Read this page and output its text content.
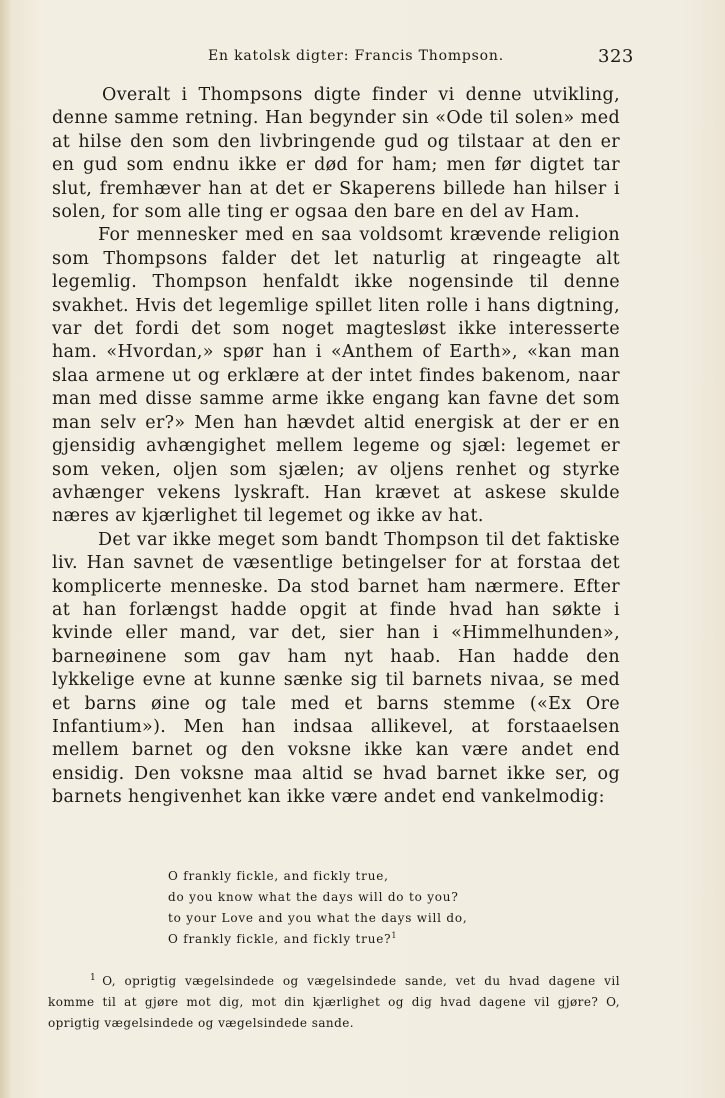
En katolsk digter: Francis Thompson.	323

Overalt i Thompsons digte finder vi denne utvikling, denne samme retning. Han begynder sin «Ode til solen» med at hilse den som den livbringende gud og tilstaar at den er en gud som endnu ikke er død for ham; men før digtet tar slut, fremhæver han at det er Skaperens billede han hilser i solen, for som alle ting er ogsaa den bare en del av Ham.

For mennesker med en saa voldsomt krævende religion som Thompsons falder det let naturlig at ringeagte alt legemlig. Thompson henfaldt ikke nogensinde til denne svakhet. Hvis det legemlige spillet liten rolle i hans digtning, var det fordi det som noget magtesløst ikke interesserte ham. «Hvordan,» spør han i «Anthem of Earth», «kan man slaa armene ut og erklære at der intet findes bakenom, naar man med disse samme arme ikke engang kan favne det som man selv er?» Men han hævdet altid energisk at der er en gjensidig avhængighet mellem legeme og sjæl: legemet er som veken, oljen som sjælen; av oljens renhet og styrke avhænger vekens lyskraft. Han krævet at askese skulde næres av kjærlighet til legemet og ikke av hat.

Det var ikke meget som bandt Thompson til det faktiske liv. Han savnet de væsentlige betingelser for at forstaa det komplicerte menneske. Da stod barnet ham nærmere. Efter at han forlængst hadde opgit at finde hvad han søkte i kvinde eller mand, var det, sier han i «Himmelhunden», barneøinene som gav ham nyt haab. Han hadde den lykkelige evne at kunne sænke sig til barnets nivaa, se med et barns øine og tale med et barns stemme («Ex Ore Infantium»). Men han indsaa allikevel, at forstaaelsen mellem barnet og den voksne ikke kan være andet end ensidig. Den voksne maa altid se hvad barnet ikke ser, og barnets hengivenhet kan ikke være andet end vankelmodig:

O frankly fickle, and fickly true,
do you know what the days will do to you?
to your Love and you what the days will do,
O frankly fickle, and fickly true?$^1$
1 O, oprigtig vægelsindede og vægelsindede sande, vet du hvad dagene vil komme til at gjøre mot dig, mot din kjærlighet og dig hvad dagene vil gjøre? O, oprigtig vægelsindede og vægelsindede sande.
